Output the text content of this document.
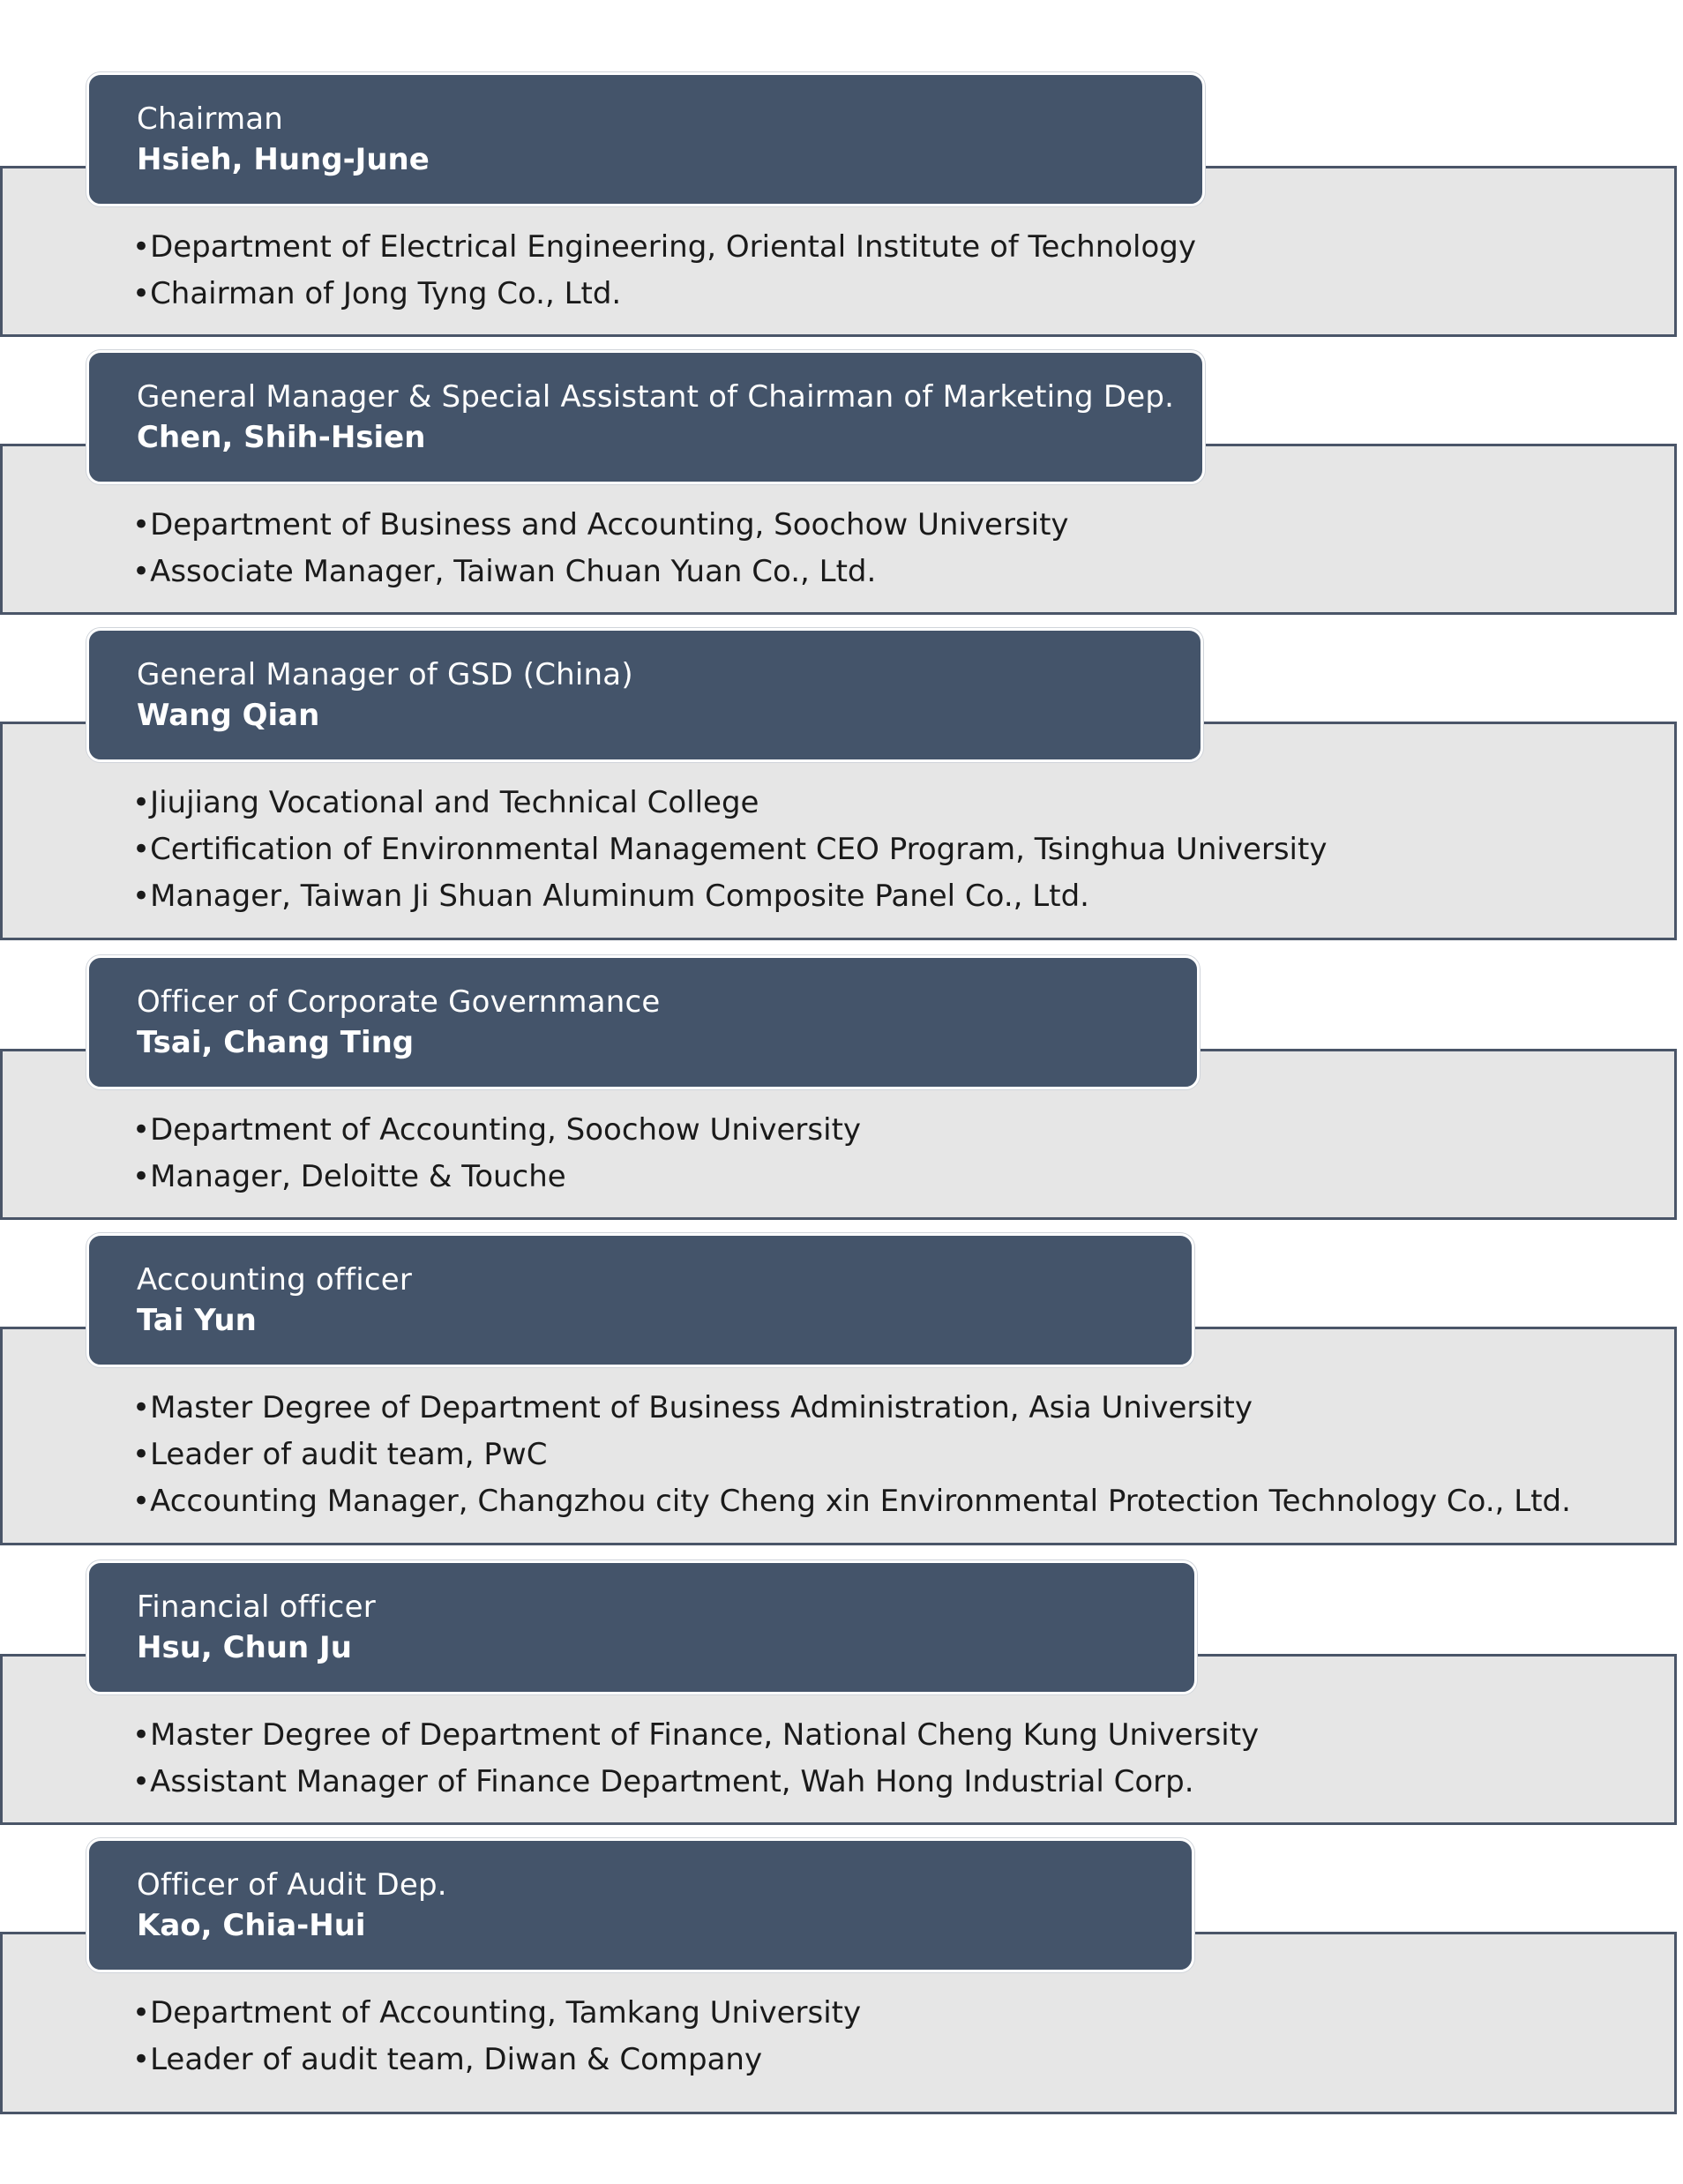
•Department of Electrical Engineering, Oriental Institute of Technology
•Chairman of Jong Tyng Co., Ltd.
Chairman
Hsieh, Hung-June
•Department of Business and Accounting, Soochow University
•Associate Manager, Taiwan Chuan Yuan Co., Ltd.
General Manager & Special Assistant of Chairman of Marketing Dep.
Chen, Shih-Hsien
•Jiujiang Vocational and Technical College
•Certification of Environmental Management CEO Program, Tsinghua University
•Manager, Taiwan Ji Shuan Aluminum Composite Panel Co., Ltd.
General Manager of GSD (China)
Wang Qian
•Department of Accounting, Soochow University
•Manager, Deloitte & Touche
Officer of Corporate Governmance
Tsai, Chang Ting
•Master Degree of Department of Business Administration, Asia University
•Leader of audit team, PwC
•Accounting Manager, Changzhou city Cheng xin Environmental Protection Technology Co., Ltd.
Accounting officer
Tai Yun
•Master Degree of Department of Finance, National Cheng Kung University
•Assistant Manager of Finance Department, Wah Hong Industrial Corp.
Financial officer
Hsu, Chun Ju
•Department of Accounting, Tamkang University
•Leader of audit team, Diwan & Company
Officer of Audit Dep.
Kao, Chia-Hui
